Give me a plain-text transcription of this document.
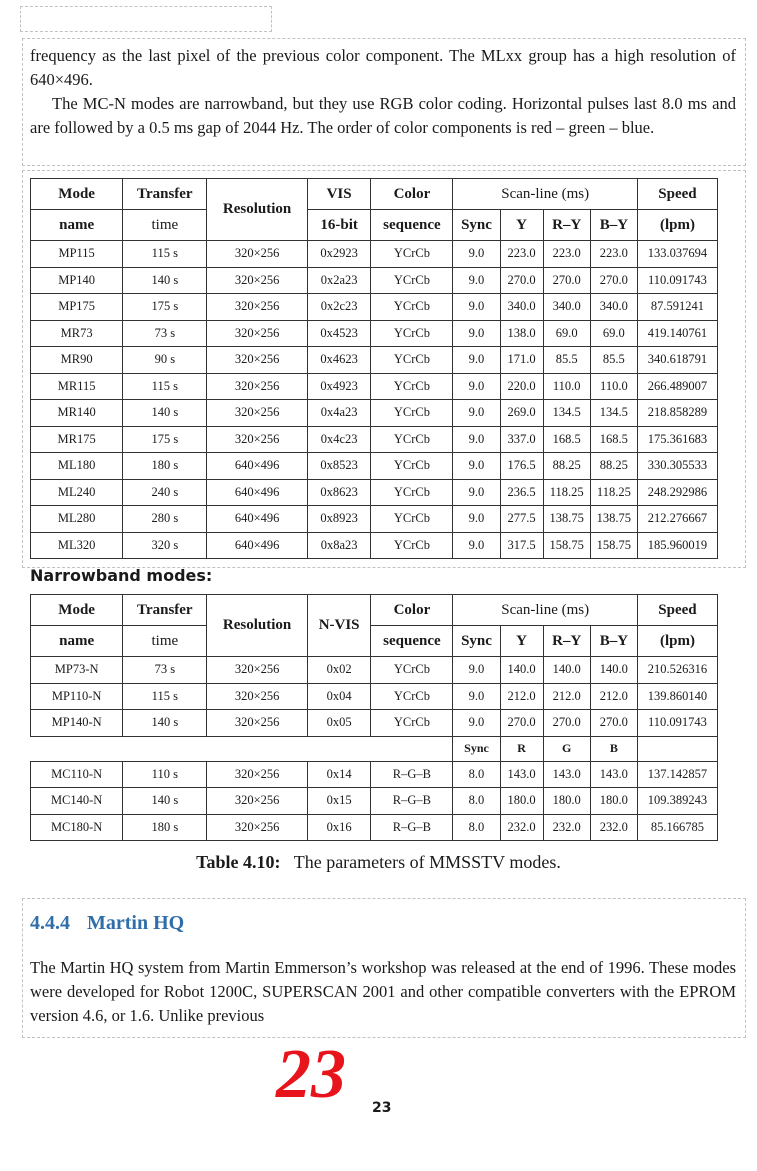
frequency as the last pixel of the previous color component. The MLxx group has a high resolution of 640×496.
The MC-N modes are narrowband, but they use RGB color coding. Horizontal pulses last 8.0 ms and are followed by a 0.5 ms gap of 2044 Hz. The order of color components is red – green – blue.
Mode	Transfer	Resolution	VIS	Color	Scan-line (ms)				Speed
name	time		16-bit	sequence	Sync	Y	R–Y	B–Y	(lpm)
MP115	115 s	320×256	0x2923	YCrCb	9.0	223.0	223.0	223.0	133.037694
MP140	140 s	320×256	0x2a23	YCrCb	9.0	270.0	270.0	270.0	110.091743
MP175	175 s	320×256	0x2c23	YCrCb	9.0	340.0	340.0	340.0	87.591241
MR73	73 s	320×256	0x4523	YCrCb	9.0	138.0	69.0	69.0	419.140761
MR90	90 s	320×256	0x4623	YCrCb	9.0	171.0	85.5	85.5	340.618791
MR115	115 s	320×256	0x4923	YCrCb	9.0	220.0	110.0	110.0	266.489007
MR140	140 s	320×256	0x4a23	YCrCb	9.0	269.0	134.5	134.5	218.858289
MR175	175 s	320×256	0x4c23	YCrCb	9.0	337.0	168.5	168.5	175.361683
ML180	180 s	640×496	0x8523	YCrCb	9.0	176.5	88.25	88.25	330.305533
ML240	240 s	640×496	0x8623	YCrCb	9.0	236.5	118.25	118.25	248.292986
ML280	280 s	640×496	0x8923	YCrCb	9.0	277.5	138.75	138.75	212.276667
ML320	320 s	640×496	0x8a23	YCrCb	9.0	317.5	158.75	158.75	185.960019
Narrowband modes:
Mode	Transfer	Resolution	N-VIS	Color	Scan-line (ms)				Speed
name	time			sequence	Sync	Y	R–Y	B–Y	(lpm)
MP73-N	73 s	320×256	0x02	YCrCb	9.0	140.0	140.0	140.0	210.526316
MP110-N	115 s	320×256	0x04	YCrCb	9.0	212.0	212.0	212.0	139.860140
MP140-N	140 s	320×256	0x05	YCrCb	9.0	270.0	270.0	270.0	110.091743
					Sync	R	G	B	
MC110-N	110 s	320×256	0x14	R–G–B	8.0	143.0	143.0	143.0	137.142857
MC140-N	140 s	320×256	0x15	R–G–B	8.0	180.0	180.0	180.0	109.389243
MC180-N	180 s	320×256	0x16	R–G–B	8.0	232.0	232.0	232.0	85.166785
Table 4.10: The parameters of MMSSTV modes.
4.4.4 Martin HQ
The Martin HQ system from Martin Emmerson’s workshop was released at the end of 1996. These modes were developed for Robot 1200C, SUPERSCAN 2001 and other compatible converters with the EPROM version 4.6, or 1.6. Unlike previous
23 23
